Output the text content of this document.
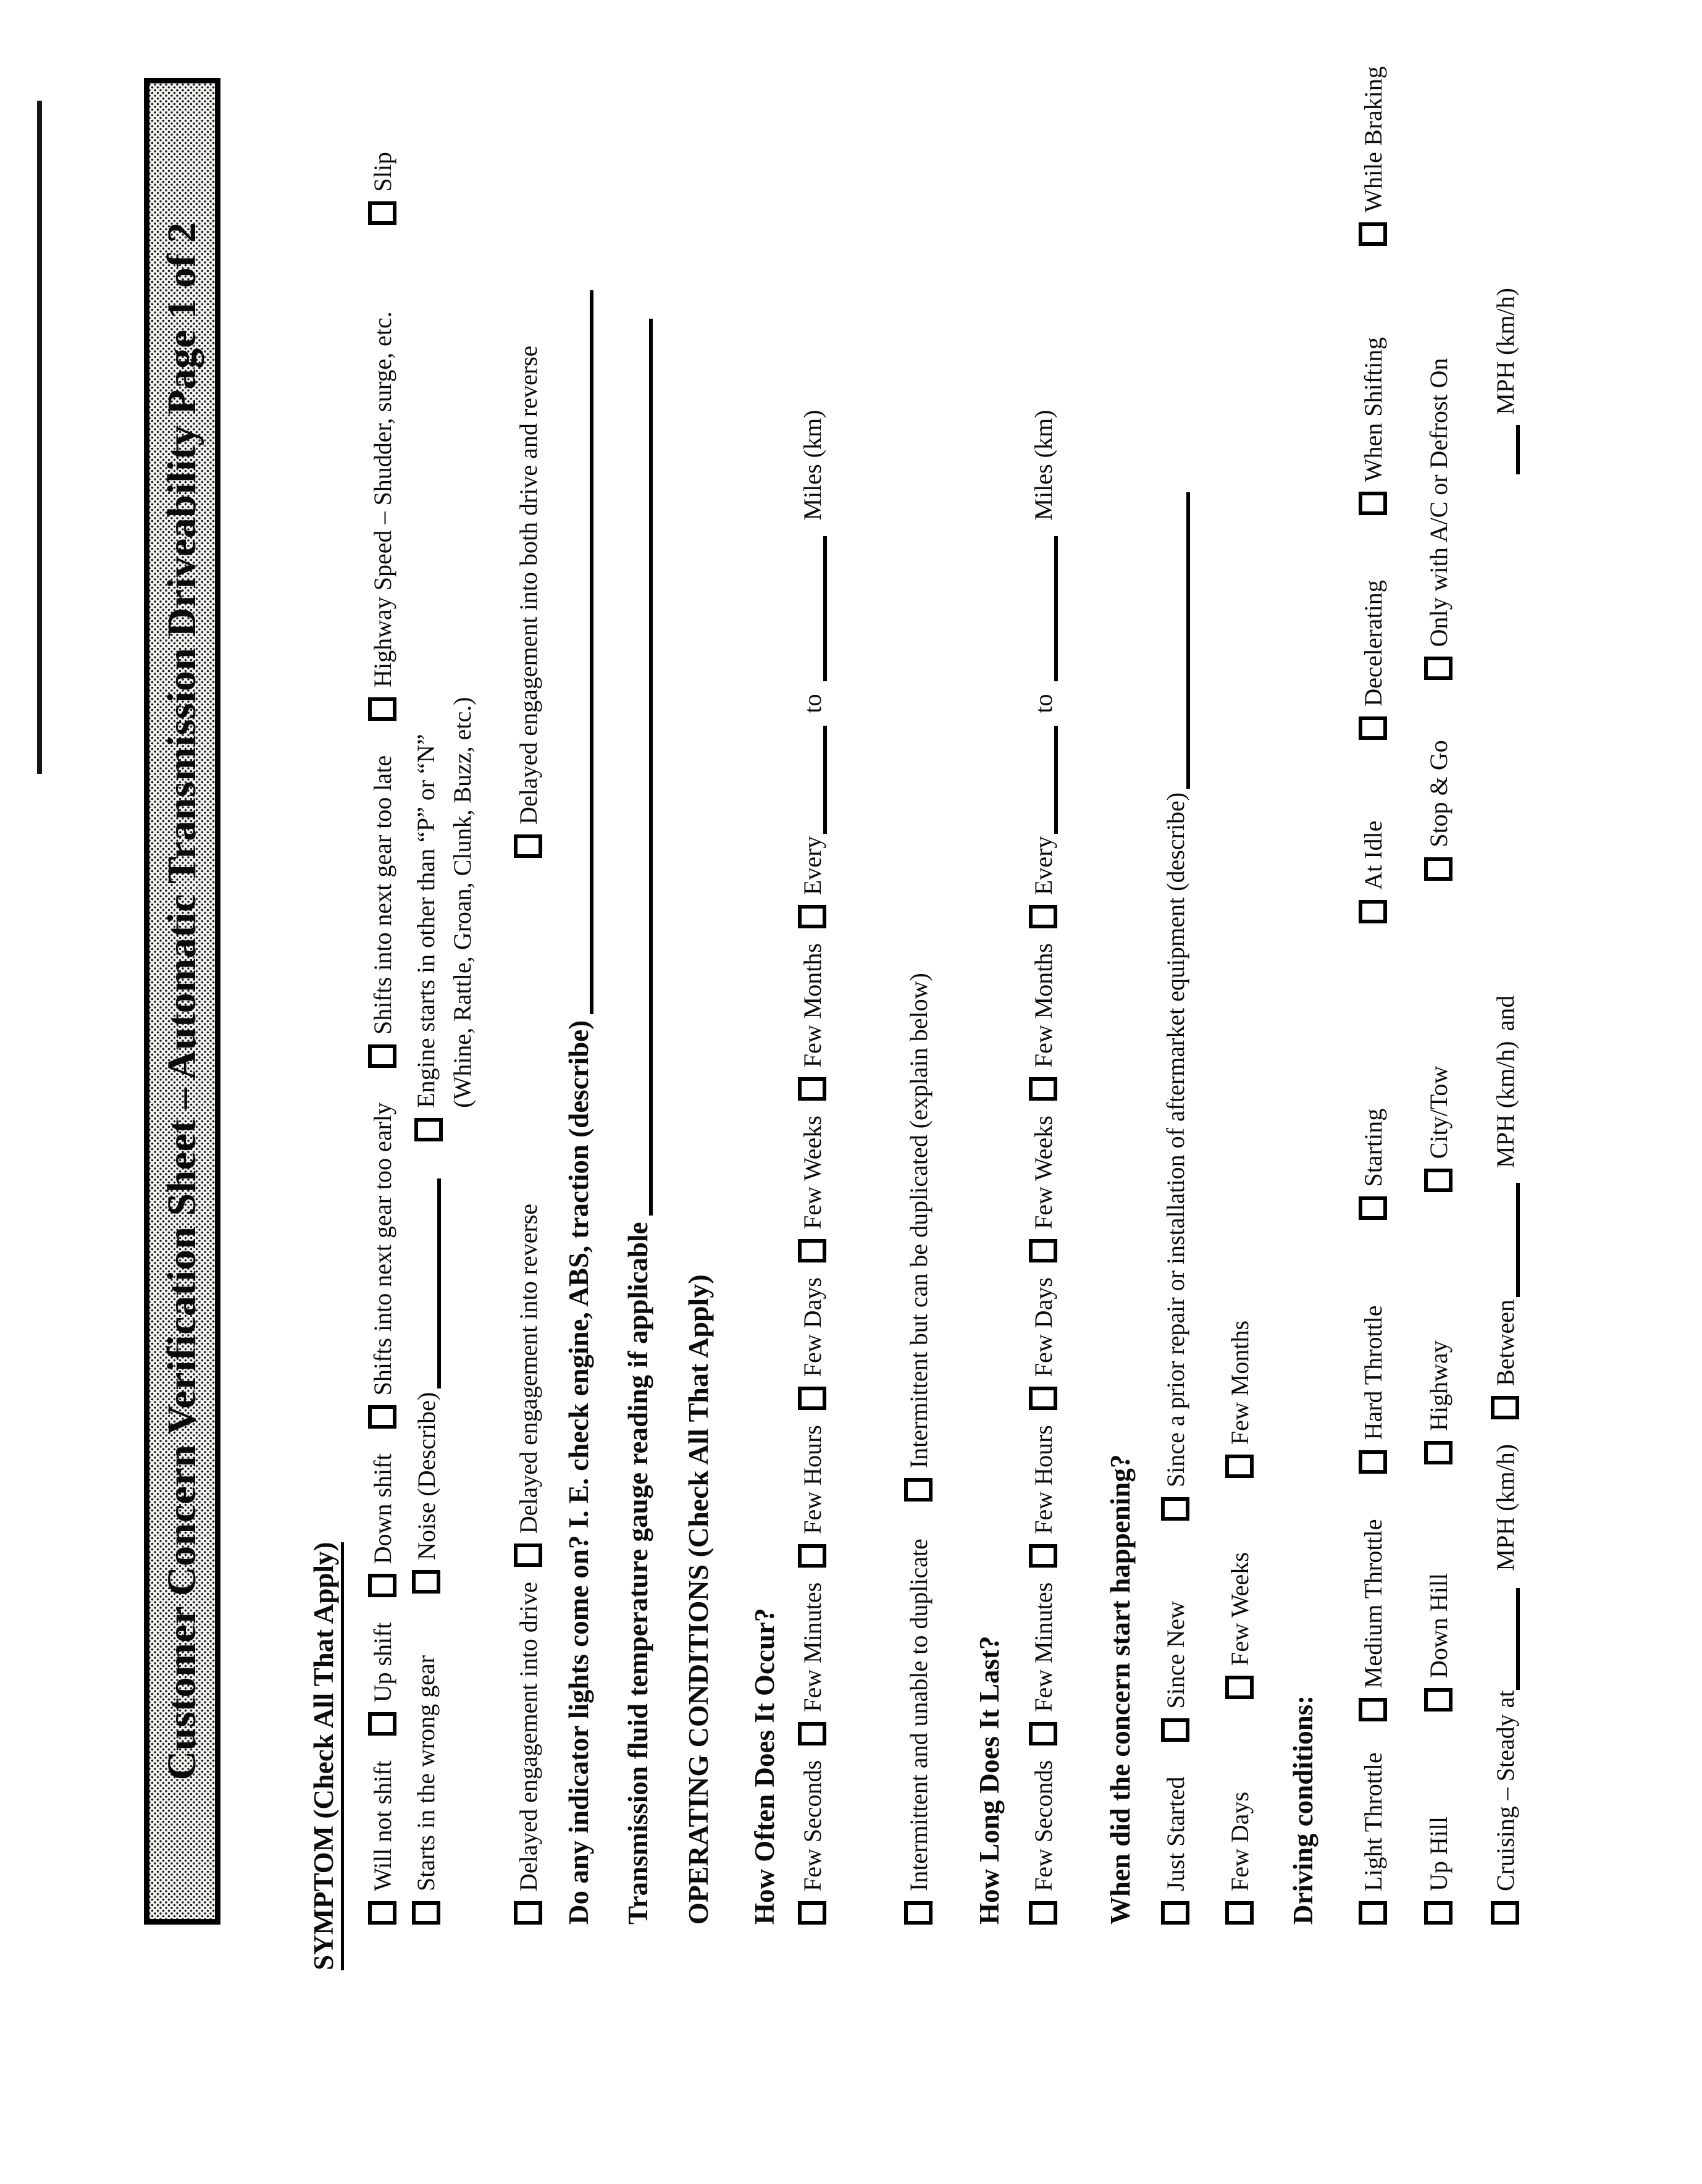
Customer Concern Verification Sheet – Automatic Transmission Driveability Page 1 of 2	SYMPTOM (Check All That Apply) Will not shift
Up shift
Down shift
Shifts into next gear too early
Shifts into next gear too late
Highway Speed – Shudder, surge, etc.
Slip
Starts in the wrong gear
Noise (Describe)
Engine starts in other than “P” or “N” (Whine, Rattle, Groan, Clunk, Buzz, etc.)
Delayed engagement into drive
Delayed engagement into reverse
Delayed engagement into both drive and reverse
Do any indicator lights come on? I. E. check engine, ABS, traction (describe) Transmission fluid temperature gauge reading if applicable OPERATING CONDITIONS (Check All That Apply) How Often Does It Occur? Few Seconds
Few Minutes
Few Hours
Few Days
Few Weeks
Few Months
Every
to
Miles (km)
Intermittent and unable to duplicate
Intermittent but can be duplicated (explain below)
How Long Does It Last? Few Seconds
Few Minutes
Few Hours
Few Days
Few Weeks
Few Months
Every
to
Miles (km)
When did the concern start happening? Just Started
Since New
Since a prior repair or installation of aftermarket equipment (describe)
Few Days
Few Weeks
Few Months
Driving conditions: Light Throttle
Medium Throttle
Hard Throttle
Starting
At Idle
Decelerating
When Shifting
While Braking
Up Hill
Down Hill
Highway
City/Tow
Stop & Go
Only with A/C or Defrost On
Cruising – Steady at
MPH (km/h)
Between
MPH (km/h)
and
MPH (km/h)
